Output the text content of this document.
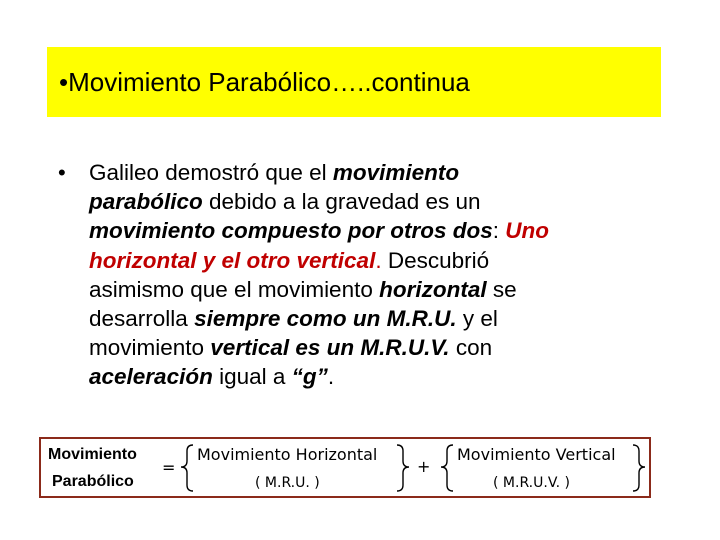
•Movimiento Parabólico…..continua
• Galileo demostró que el movimiento
parabólico debido a la gravedad es un
movimiento compuesto por otros dos: Uno
horizontal y el otro vertical. Descubrió
asimismo que el movimiento horizontal se
desarrolla siempre como un M.R.U. y el
movimiento vertical es un M.R.U.V. con
aceleración igual a “g”.
Movimiento
Parabólico
=
Movimiento Horizontal
( M.R.U. )
+
Movimiento Vertical
( M.R.U.V. )
